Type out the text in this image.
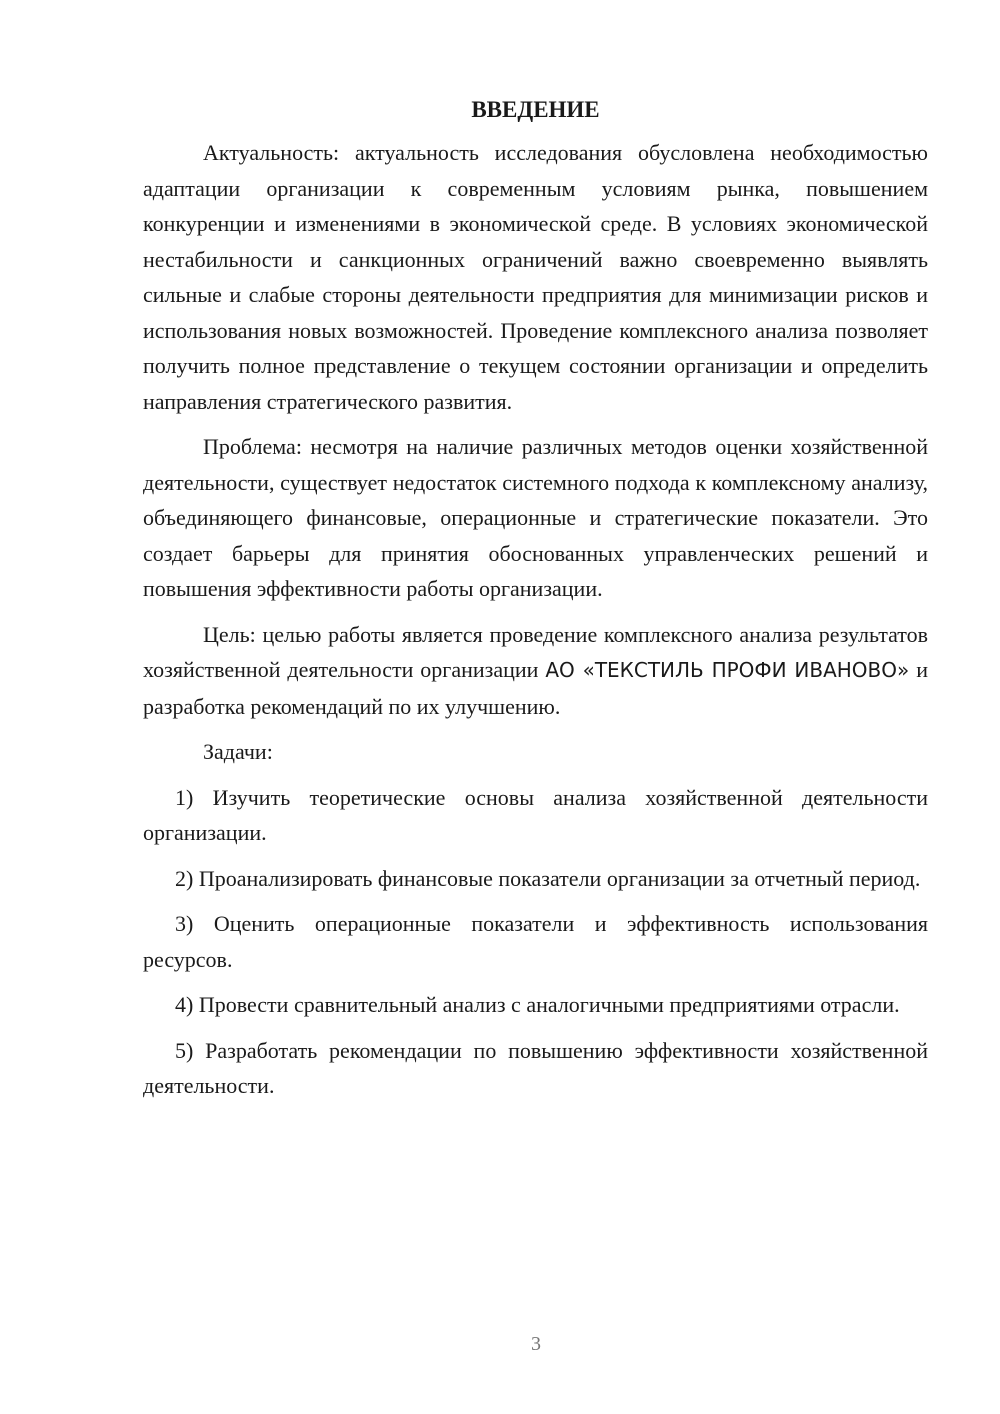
ВВЕДЕНИЕ

Актуальность: актуальность исследования обусловлена необходимостью адаптации организации к современным условиям рынка, повышением конкуренции и изменениями в экономической среде. В условиях экономической нестабильности и санкционных ограничений важно своевременно выявлять сильные и слабые стороны деятельности предприятия для минимизации рисков и использования новых возможностей. Проведение комплексного анализа позволяет получить полное представление о текущем состоянии организации и определить направления стратегического развития.

Проблема: несмотря на наличие различных методов оценки хозяйственной деятельности, существует недостаток системного подхода к комплексному анализу, объединяющего финансовые, операционные и стратегические показатели. Это создает барьеры для принятия обоснованных управленческих решений и повышения эффективности работы организации.

Цель: целью работы является проведение комплексного анализа результатов хозяйственной деятельности организации АО «ТЕКСТИЛЬ ПРОФИ ИВАНОВО» и разработка рекомендаций по их улучшению.

Задачи:

1) Изучить теоретические основы анализа хозяйственной деятельности организации.

2) Проанализировать финансовые показатели организации за отчетный период.

3) Оценить операционные показатели и эффективность использования ресурсов.

4) Провести сравнительный анализ с аналогичными предприятиями отрасли.

5) Разработать рекомендации по повышению эффективности хозяйственной деятельности.

3
